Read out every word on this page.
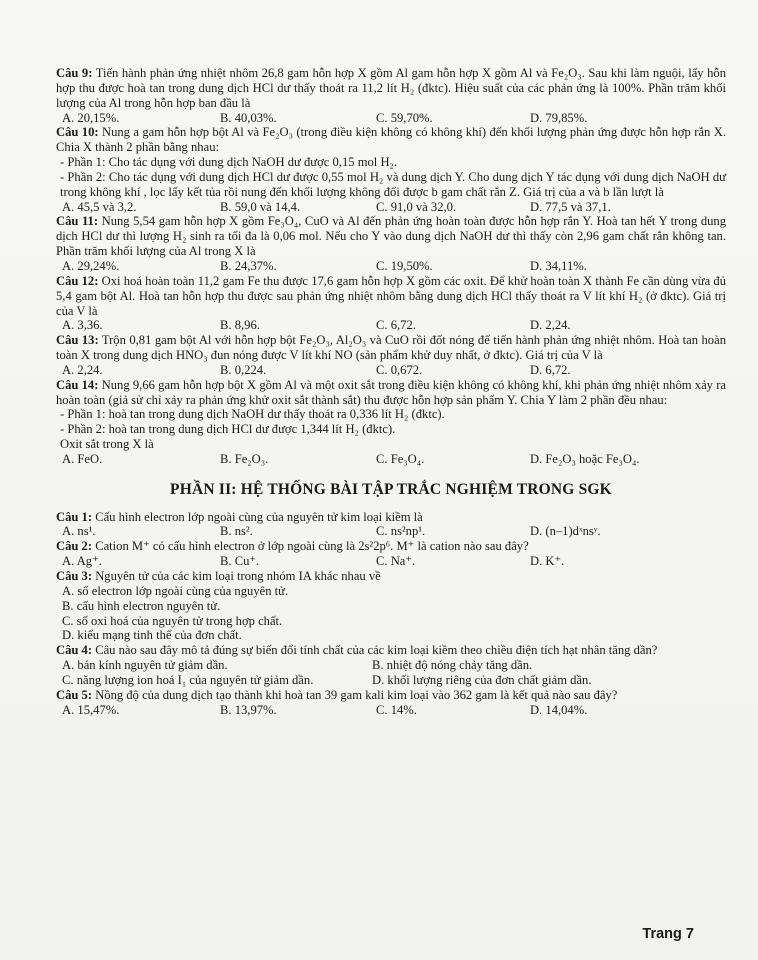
Câu 9: Tiến hành phản ứng nhiệt nhôm 26,8 gam hỗn hợp X gồm Al gam hỗn hợp X gồm Al và Fe₂O₃. Sau khi làm nguội, lấy hỗn hợp thu được hoà tan trong dung dịch HCl dư thấy thoát ra 11,2 lít H₂ (đktc). Hiệu suất của các phản ứng là 100%. Phần trăm khối lượng của Al trong hỗn hợp ban đầu là

A. 20,15%.	B. 40,03%.	C. 59,70%.	D. 79,85%.

Câu 10: Nung a gam hỗn hợp bột Al và Fe₂O₃ (trong điều kiện không có không khí) đến khối lượng phản ứng được hỗn hợp rắn X. Chia X thành 2 phần bằng nhau:

- Phần 1: Cho tác dụng với dung dịch NaOH dư được 0,15 mol H₂.

- Phần 2: Cho tác dụng với dung dịch HCl dư được 0,55 mol H₂ và dung dịch Y. Cho dung dịch Y tác dụng với dung dịch NaOH dư trong không khí , lọc lấy kết tủa rồi nung đến khối lượng không đổi được b gam chất rắn Z. Giá trị của a và b lần lượt là

A. 45,5 và 3,2.	B. 59,0 và 14,4.	C. 91,0 và 32,0.	D. 77,5 và 37,1.

Câu 11: Nung 5,54 gam hỗn hợp X gồm Fe₃O₄, CuO và Al đến phản ứng hoàn toàn được hỗn hợp rắn Y. Hoà tan hết Y trong dung dịch HCl dư thì lượng H₂ sinh ra tối đa là 0,06 mol. Nếu cho Y vào dung dịch NaOH dư thì thấy còn 2,96 gam chất rắn không tan. Phần trăm khối lượng của Al trong X là

A. 29,24%.	B. 24,37%.	C. 19,50%.	D. 34,11%.

Câu 12: Oxi hoá hoàn toàn 11,2 gam Fe thu được 17,6 gam hỗn hợp X gồm các oxit. Để khử hoàn toàn X thành Fe cần dùng vừa đủ 5,4 gam bột Al. Hoà tan hỗn hợp thu được sau phản ứng nhiệt nhôm bằng dung dịch HCl thấy thoát ra V lít khí H₂ (ở đktc). Giá trị của V là

A. 3,36.	B. 8,96.	C. 6,72.	D. 2,24.

Câu 13: Trộn 0,81 gam bột Al với hỗn hợp bột Fe₂O₃, Al₂O₃ và CuO rồi đốt nóng để tiến hành phản ứng nhiệt nhôm. Hoà tan hoàn toàn X trong dung dịch HNO₃ đun nóng được V lít khí NO (sản phẩm khử duy nhất, ở đktc). Giá trị của V là

A. 2,24.	B. 0,224.	C. 0,672.	D. 6,72.

Câu 14: Nung 9,66 gam hỗn hợp bột X gồm Al và một oxit sắt trong điều kiện không có không khí, khi phản ứng nhiệt nhôm xảy ra hoàn toàn (giả sử chỉ xảy ra phản ứng khử oxit sắt thành sắt) thu được hỗn hợp sản phẩm Y. Chia Y làm 2 phần đều nhau:

- Phần 1: hoà tan trong dung dịch NaOH dư thấy thoát ra 0,336 lít H₂ (đktc).

- Phần 2: hoà tan trong dung dịch HCl dư được 1,344 lít H₂ (đktc).

Oxit sắt trong X là

A. FeO.	B. Fe₂O₃.	C. Fe₃O₄.	D. Fe₂O₃ hoặc Fe₃O₄.
PHẦN II: HỆ THỐNG BÀI TẬP TRẮC NGHIỆM TRONG SGK

Câu 1: Cấu hình electron lớp ngoài cùng của nguyên tử kim loại kiềm là

A. ns¹.	B. ns².	C. ns²np¹.	D. (n–1)dˣnsʸ.

Câu 2: Cation M⁺ có cấu hình electron ở lớp ngoài cùng là 2s²2p⁶. M⁺ là cation nào sau đây?

A. Ag⁺.	B. Cu⁺.	C. Na⁺.	D. K⁺.

Câu 3: Nguyên tử của các kim loại trong nhóm IA khác nhau về

A. số electron lớp ngoài cùng của nguyên tử.

B. cấu hình electron nguyên tử.

C. số oxi hoá của nguyên tử trong hợp chất.

D. kiểu mạng tinh thể của đơn chất.

Câu 4: Câu nào sau đây mô tả đúng sự biến đổi tính chất của các kim loại kiềm theo chiều điện tích hạt nhân tăng dần?

A. bán kính nguyên tử giảm dần.	B. nhiệt độ nóng chảy tăng dần.
C. năng lượng ion hoá I₁ của nguyên tử giảm dần.	D. khối lượng riêng của đơn chất giảm dần.

Câu 5: Nồng độ của dung dịch tạo thành khi hoà tan 39 gam kali kim loại vào 362 gam là kết quả nào sau đây?

A. 15,47%.	B. 13,97%.	C. 14%.	D. 14,04%.
Trang 7
